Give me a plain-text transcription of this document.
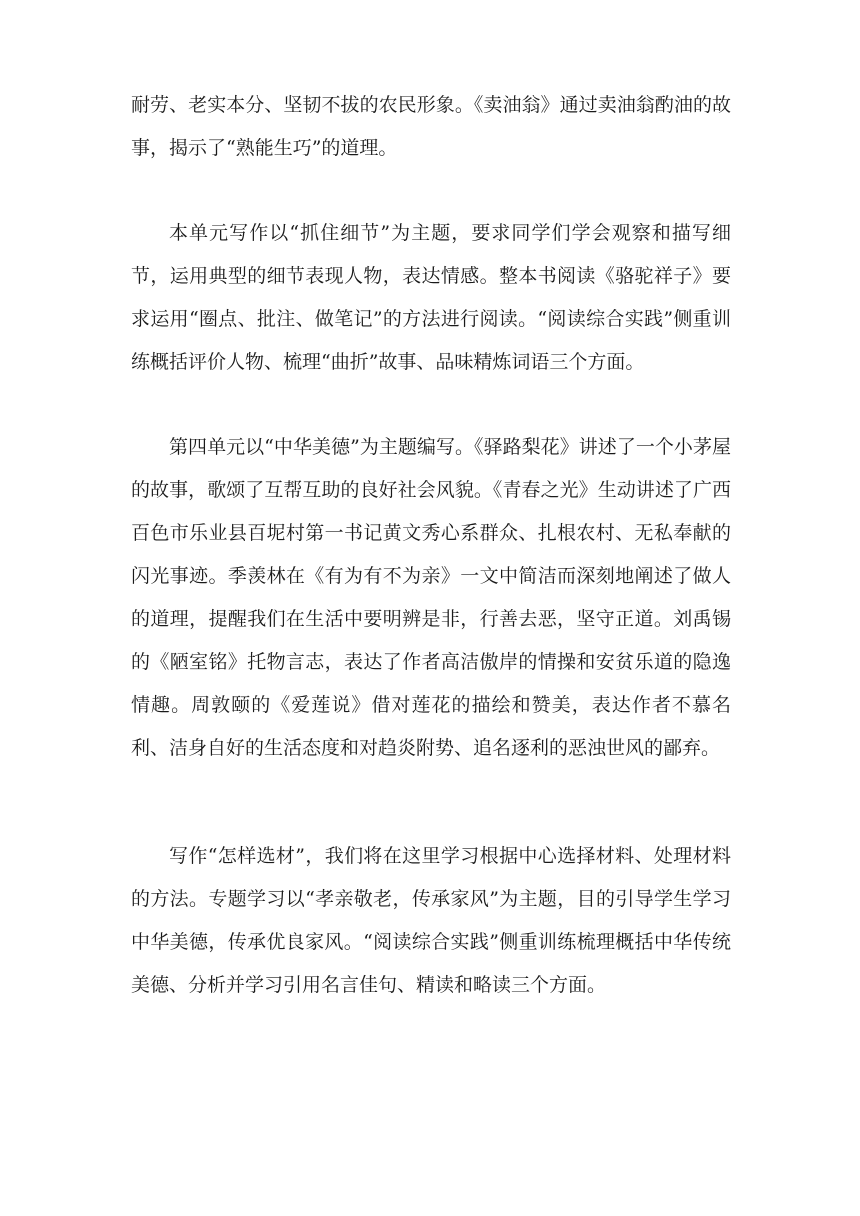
耐劳、老实本分、坚韧不拔的农民形象。《卖油翁》通过卖油翁酌油的故事，揭示了“熟能生巧”的道理。

本单元写作以“抓住细节”为主题，要求同学们学会观察和描写细节，运用典型的细节表现人物，表达情感。整本书阅读《骆驼祥子》要求运用“圈点、批注、做笔记”的方法进行阅读。“阅读综合实践”侧重训练概括评价人物、梳理“曲折”故事、品味精炼词语三个方面。

第四单元以“中华美德”为主题编写。《驿路梨花》讲述了一个小茅屋的故事，歌颂了互帮互助的良好社会风貌。《青春之光》生动讲述了广西百色市乐业县百坭村第一书记黄文秀心系群众、扎根农村、无私奉献的闪光事迹。季羡林在《有为有不为亲》一文中简洁而深刻地阐述了做人的道理，提醒我们在生活中要明辨是非，行善去恶，坚守正道。刘禹锡的《陋室铭》托物言志，表达了作者高洁傲岸的情操和安贫乐道的隐逸情趣。周敦颐的《爱莲说》借对莲花的描绘和赞美，表达作者不慕名利、洁身自好的生活态度和对趋炎附势、追名逐利的恶浊世风的鄙弃。

写作“怎样选材”，我们将在这里学习根据中心选择材料、处理材料的方法。专题学习以“孝亲敬老，传承家风”为主题，目的引导学生学习中华美德，传承优良家风。“阅读综合实践”侧重训练梳理概括中华传统美德、分析并学习引用名言佳句、精读和略读三个方面。
